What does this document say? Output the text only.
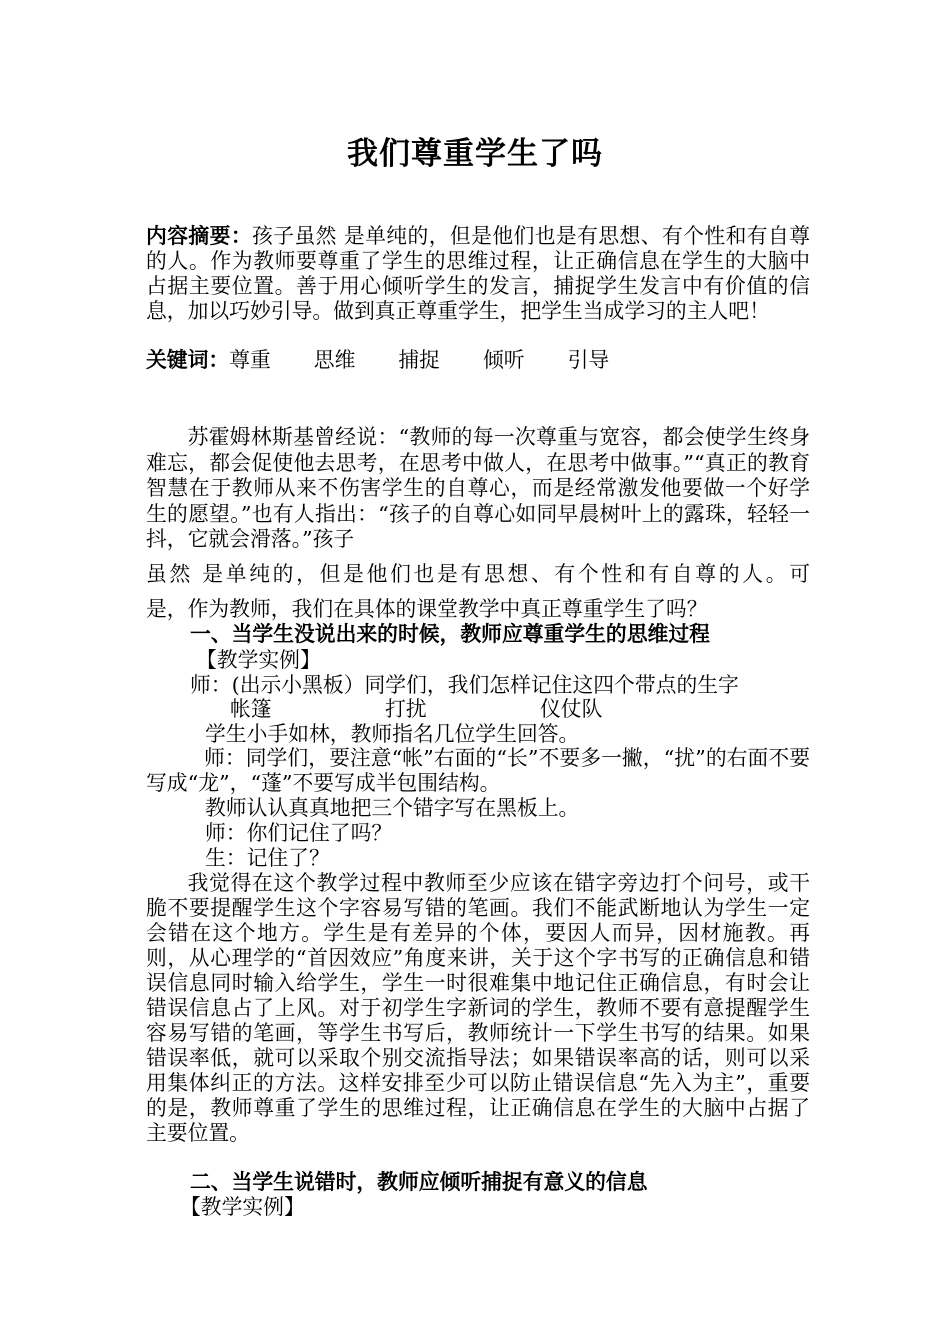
我们尊重学生了吗
内容摘要：孩子虽然 是单纯的，但是他们也是有思想、有个性和有自尊的人。作为教师要尊重了学生的思维过程，让正确信息在学生的大脑中占据主要位置。善于用心倾听学生的发言，捕捉学生发言中有价值的信息，加以巧妙引导。做到真正尊重学生，把学生当成学习的主人吧！
关键词：尊重 思维 捕捉 倾听 引导
苏霍姆林斯基曾经说：“教师的每一次尊重与宽容，都会使学生终身难忘，都会促使他去思考，在思考中做人，在思考中做事。”“真正的教育智慧在于教师从来不伤害学生的自尊心，而是经常激发他要做一个好学生的愿望。”也有人指出：“孩子的自尊心如同早晨树叶上的露珠，轻轻一抖，它就会滑落。”孩子
虽然 是单纯的，但是他们也是有思想、有个性和有自尊的人。可
是，作为教师，我们在具体的课堂教学中真正尊重学生了吗？
一、当学生没说出来的时候，教师应尊重学生的思维过程
【教学实例】
师：(出示小黑板）同学们，我们怎样记住这四个带点的生字
帐篷	打扰	仪仗队
学生小手如林，教师指名几位学生回答。
师：同学们，要注意“帐”右面的“长”不要多一撇，“扰”的右面不要写成“龙”，“蓬”不要写成半包围结构。
教师认认真真地把三个错字写在黑板上。
师：你们记住了吗？
生：记住了？
我觉得在这个教学过程中教师至少应该在错字旁边打个问号，或干脆不要提醒学生这个字容易写错的笔画。我们不能武断地认为学生一定会错在这个地方。学生是有差异的个体，要因人而异，因材施教。再则，从心理学的“首因效应”角度来讲，关于这个字书写的正确信息和错误信息同时输入给学生，学生一时很难集中地记住正确信息，有时会让错误信息占了上风。对于初学生字新词的学生，教师不要有意提醒学生容易写错的笔画，等学生书写后，教师统计一下学生书写的结果。如果错误率低，就可以采取个别交流指导法；如果错误率高的话，则可以采用集体纠正的方法。这样安排至少可以防止错误信息“先入为主”，重要的是，教师尊重了学生的思维过程，让正确信息在学生的大脑中占据了主要位置。
二、当学生说错时，教师应倾听捕捉有意义的信息
【教学实例】
